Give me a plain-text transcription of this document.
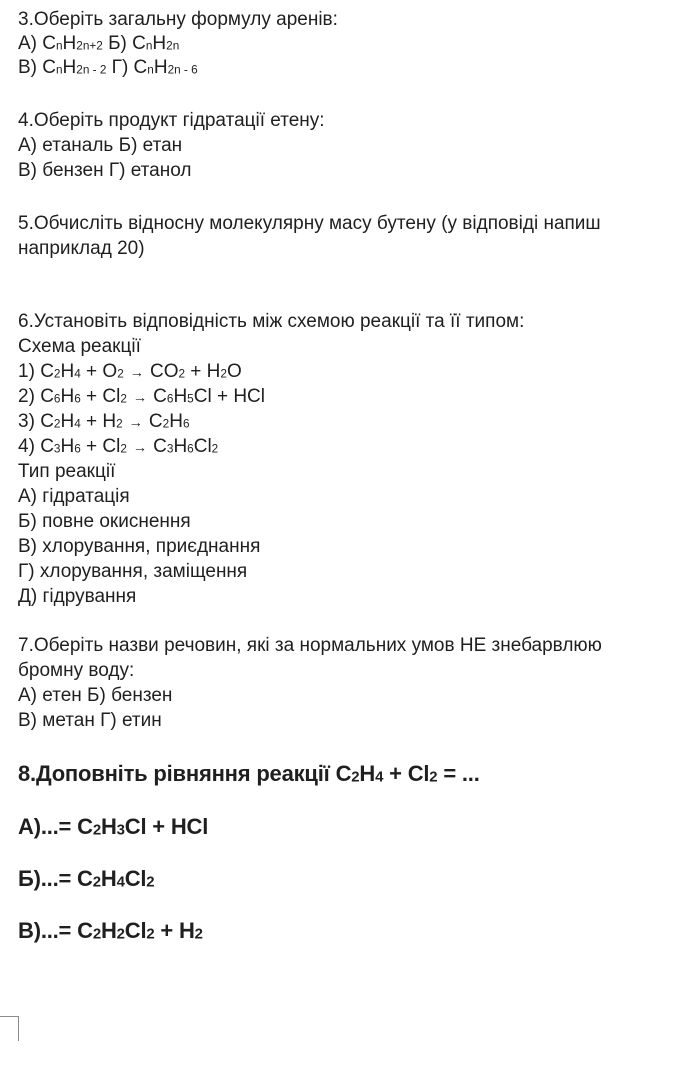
3.Оберіть загальну формулу аренів:
А) CnH2n+2 Б) CnH2n
В) CnH2n - 2 Г) CnH2n - 6
4.Оберіть продукт гідратації етену:
А) етаналь Б) етан
В) бензен Г) етанол
5.Обчисліть відносну молекулярну масу бутену (у відповіді напиш
наприклад 20)
6.Установіть відповідність між схемою реакції та її типом:
Схема реакції
1) C2H4 + O2 → CO2 + H2O
2) C6H6 + Cl2 → C6H5Cl + HCl
3) C2H4 + H2 → C2H6
4) C3H6 + Cl2 → C3H6Cl2
Тип реакції
А) гідратація
Б) повне окиснення
В) хлорування, приєднання
Г) хлорування, заміщення
Д) гідрування
7.Оберіть назви речовин, які за нормальних умов НЕ знебарвлюю
бромну воду:
А) етен Б) бензен
В) метан Г) етин
8.Доповніть рівняння реакції C2H4 + Cl2 = ...
А)...= C2H3Cl + HCl
Б)...= C2H4Cl2
В)...= C2H2Cl2 + H2
